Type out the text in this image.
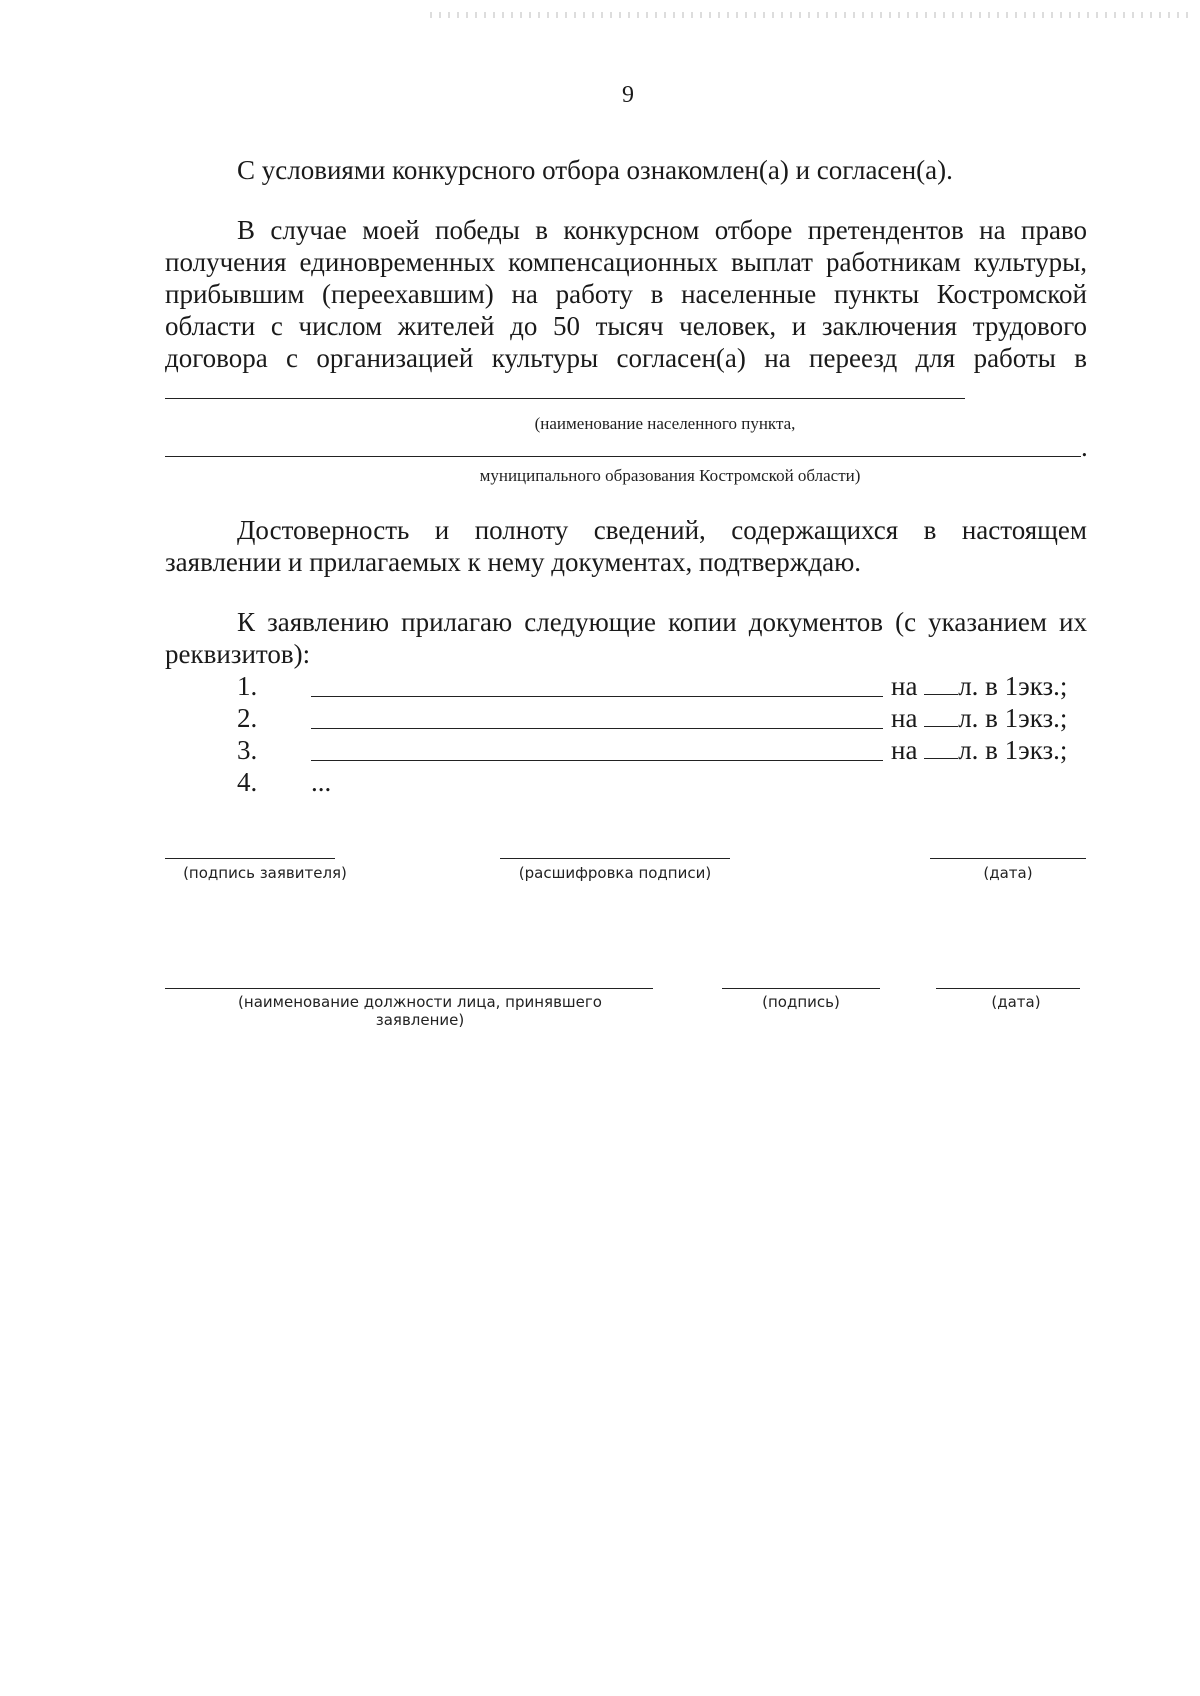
9
С условиями конкурсного отбора ознакомлен(а) и согласен(а).
В случае моей победы в конкурсном отборе претендентов на право получения единовременных компенсационных выплат работникам культуры, прибывшим (переехавшим) на работу в населенные пункты Костромской области с числом жителей до 50 тысяч человек, и заключения трудового договора с организацией культуры согласен(а) на переезд для работы в
(наименование населенного пункта,
.
муниципального образования Костромской области)
Достоверность и полноту сведений, содержащихся в настоящем заявлении и прилагаемых к нему документах, подтверждаю.
К заявлению прилагаю следующие копии документов (с указанием их реквизитов):
1.	на л. в 1экз.;
2.	на л. в 1экз.;
3.	на л. в 1экз.;
4. ...
(подпись заявителя)	(расшифровка подписи)	(дата)
(наименование должности лица, принявшего заявление)
(подпись)	(дата)
